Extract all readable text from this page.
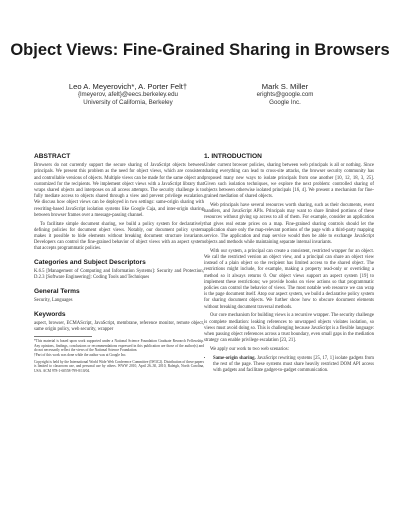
Object Views: Fine-Grained Sharing in Browsers
Leo A. Meyerovich*, A. Porter Felt†
{lmeyerov, afelt}@eecs.berkeley.edu
University of California, Berkeley
Mark S. Miller
erights@google.com
Google Inc.
ABSTRACT

Browsers do not currently support the secure sharing of JavaScript objects between principals. We present this problem as the need for object views, which are consistent and controllable versions of objects. Multiple views can be made for the same object and customized for the recipients. We implement object views with a JavaScript library that wraps shared objects and interposes on all access attempts. The security challenge is to fully mediate access to objects shared through a view and prevent privilege escalation. We discuss how object views can be deployed in two settings: same-origin sharing with rewriting-based JavaScript isolation systems like Google Caja, and inter-origin sharing between browser frames over a message-passing channel.

To facilitate simple document sharing, we build a policy system for declaratively defining policies for document object views. Notably, our document policy system makes it possible to hide elements without breaking document structure invariants. Developers can control the fine-grained behavior of object views with an aspect system that accepts programmatic policies.

Categories and Subject Descriptors

K.6.5 [Management of Computing and Information Systems]: Security and Protection; D.2.3 [Software Engineering]: Coding Tools and Techniques

General Terms

Security, Languages

Keywords

aspect, browser, ECMAScript, JavaScript, membrane, reference monitor, remote object, same origin policy, web security, wrapper

*This material is based upon work supported under a National Science Foundation Graduate Research Fellowship. Any opinions, findings, conclusions or recommendations expressed in this publication are those of the author(s) and do not necessarily reflect the views of the National Science Foundation.

†Part of this work was done while the author was at Google Inc.

Copyright is held by the International World Wide Web Conference Committee (IW3C2). Distribution of these papers is limited to classroom use, and personal use by others. WWW 2010, April 26–30, 2010, Raleigh, North Carolina, USA. ACM 978-1-60558-799-8/10/04.

1. INTRODUCTION

Under current browser policies, sharing between web principals is all or nothing. Since sharing everything can lead to cross-site attacks, the browser security community has proposed many new ways to isolate principals from one another [10, 12, 18, 3, 25]. Given such isolation techniques, we explore the next problem: controlled sharing of objects between otherwise isolated principals [16, 4]. We present a mechanism for fine-grained mediation of shared objects.

Web principals have several resources worth sharing, such as their documents, event handlers, and JavaScript APIs. Principals may want to share limited portions of these resources without giving up access to all of them. For example, consider an application that gives real estate prices on a map. Fine-grained sharing controls should let the application share only the map-relevant portions of the page with a third-party mapping service. The application and map service would then be able to exchange JavaScript objects and methods while maintaining separate internal invariants.

With our system, a principal can create a consistent, restricted wrapper for an object. We call the restricted version an object view, and a principal can share an object view instead of a plain object so the recipient has limited access to the shared object. The restrictions might include, for example, making a property read-only or overriding a method so it always returns 0. Our object views support an aspect system [19] to implement these restrictions; we provide hooks on view actions so that programmatic policies can control the behavior of views. The most notable web resource we can wrap is the page document itself. Atop our aspect system, we build a declarative policy system for sharing document objects. We further show how to obscure document elements without breaking document traversal methods.

Our core mechanism for building views is a recursive wrapper. The security challenge is complete mediation: leaking references to unwrapped objects violates isolation, so views must avoid doing so. This is challenging because JavaScript is a flexible language: when passing object references across a trust boundary, even small gaps in the mediation strategy can enable privilege escalation [23, 21].

We apply our work to two web scenarios:

• Same-origin sharing. JavaScript rewriting systems [25, 17, 1] isolate gadgets from the rest of the page. These systems must share heavily restricted DOM API access with gadgets and facilitate gadget-to-gadget communication.
